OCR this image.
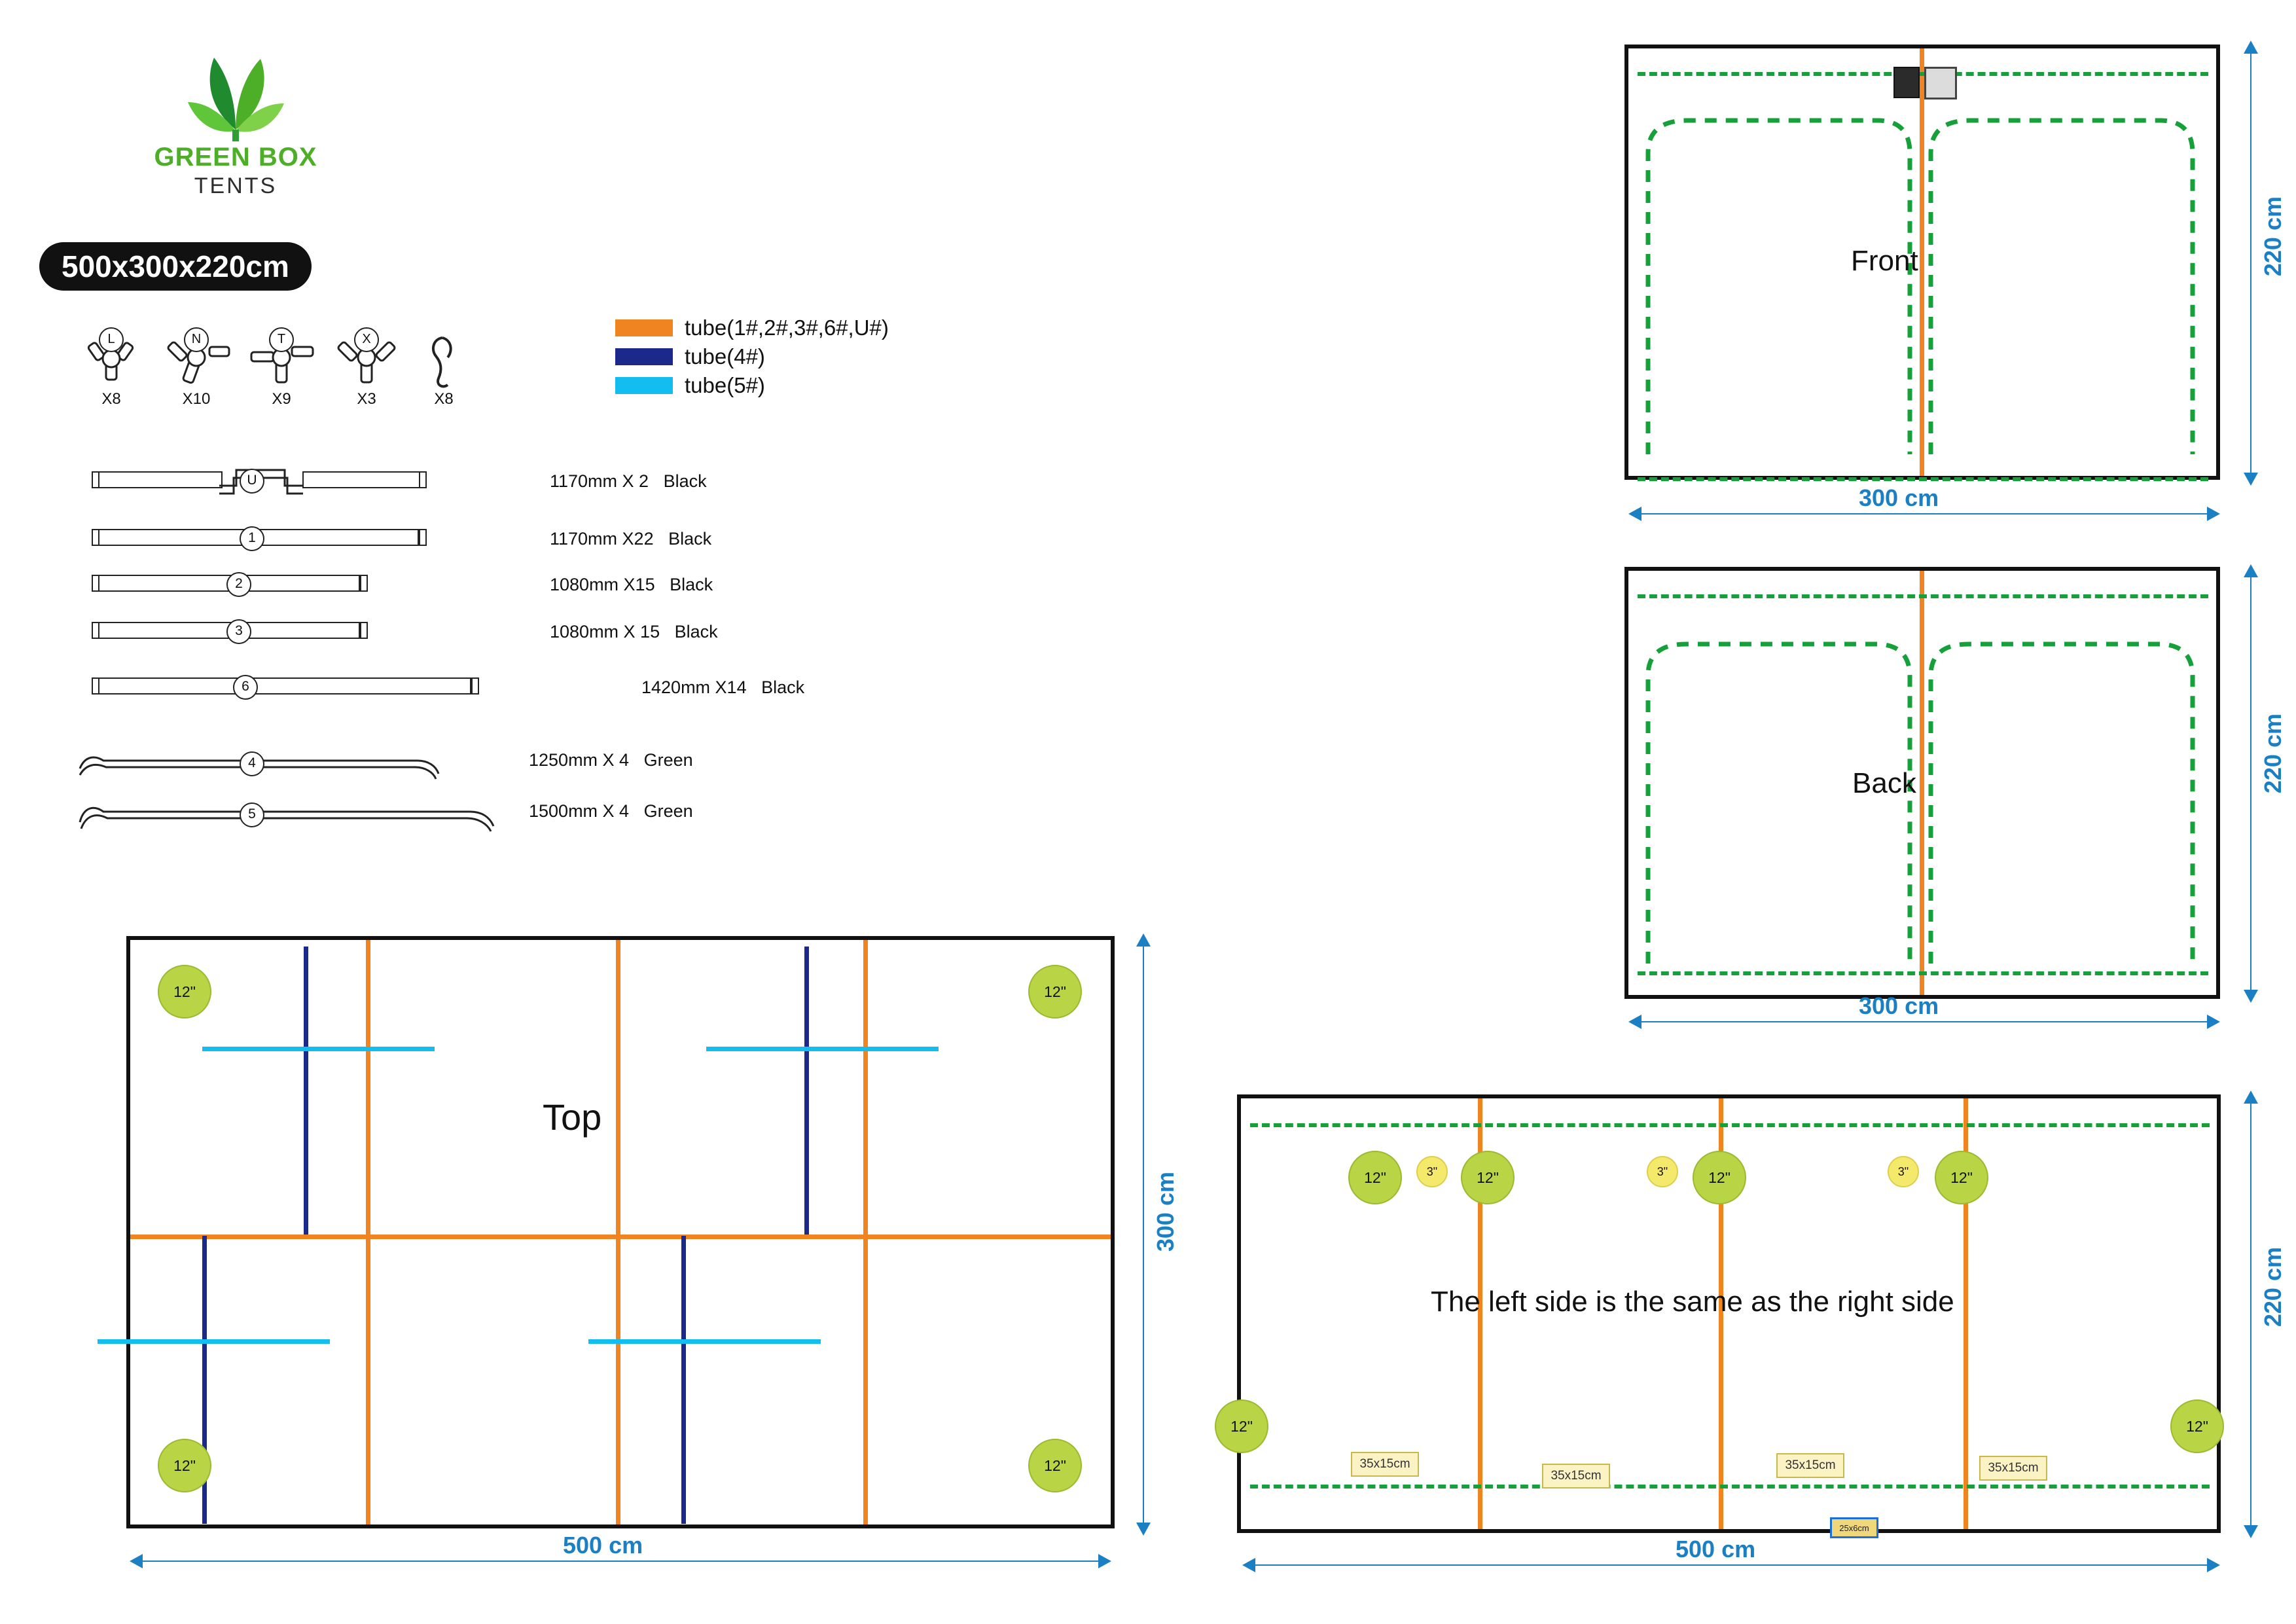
GREEN BOX
TENTS
500x300x220cm
L
X8
N
X10
T
X9
X
X3	X8
tube(1#,2#,3#,6#,U#)
tube(4#)
tube(5#)
U	1170mm X 2 Black
1	1170mm X22 Black
2	1080mm X15 Black
3	1080mm X 15 Black
6	1420mm X14 Black
4	1250mm X 4 Green
5	1500mm X 4 Green
Front
300 cm
220 cm
Back
300 cm
220 cm
12"	12"
12"	12"
Top
500 cm
300 cm	12"	12"	12"	12"
12"	12"
3"	3"	3"
35x15cm
35x15cm
35x15cm	35x15cm
25x6cm
The left side is the same as the right side
500 cm
220 cm
